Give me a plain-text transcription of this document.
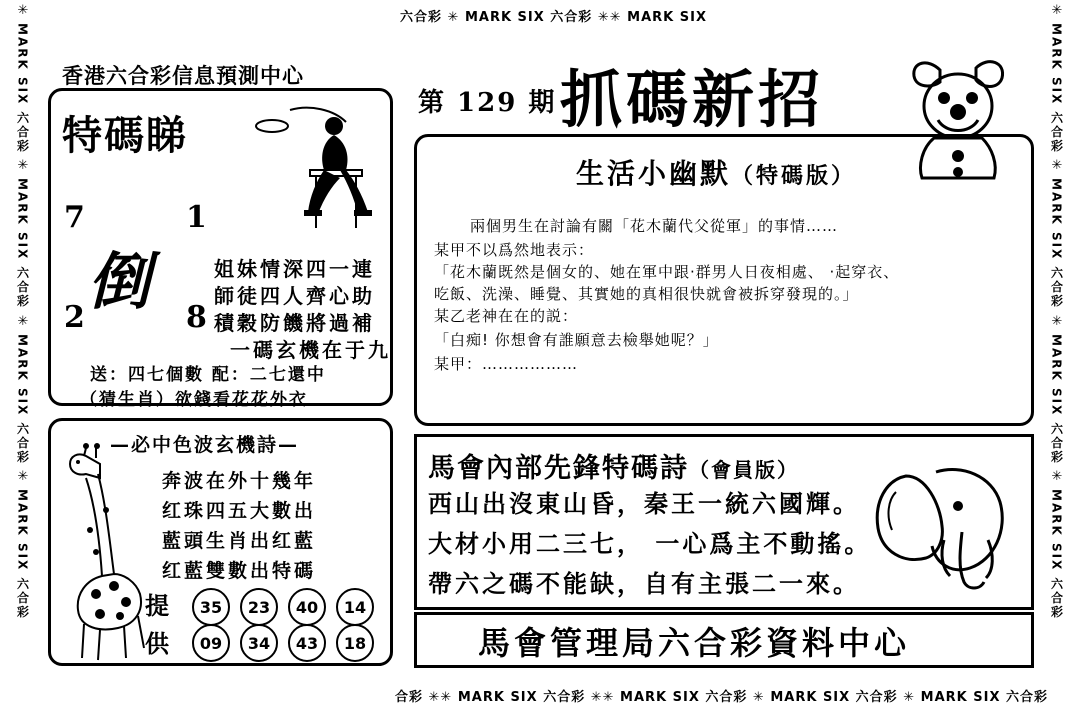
六合彩 ✳ MARK SIX 六合彩 ✳✳ MARK SIX
合彩 ✳✳ MARK SIX 六合彩 ✳✳ MARK SIX 六合彩 ✳ MARK SIX 六合彩 ✳ MARK SIX 六合彩
✳
MARK SIX 六合彩
✳
MARK SIX 六合彩
✳
MARK SIX 六合彩
✳
MARK SIX 六合彩
✳
MARK SIX 六合彩
✳
MARK SIX 六合彩
✳
MARK SIX 六合彩
✳
MARK SIX 六合彩
香港六合彩信息預測中心
特碼睇
7	1
2	8
倒	姐妹情深四一連
師徒四人齊心助
積穀防饑將過補
一碼玄機在于九
送：四七個數 配：二七還中
（猜生肖）欲錢看花花外衣
—必中色波玄機詩—
奔波在外十幾年
红珠四五大數出
藍頭生肖出红藍
红藍雙數出特碼
提
供
35	23	40	14
09	34	43	18
第 129 期 抓碼新招
生活小幽默（特碼版）
兩個男生在討論有關「花木蘭代父從軍」的事情……
某甲不以爲然地表示：
「花木蘭既然是個女的、她在軍中跟‧群男人日夜相處、 ‧起穿衣、
吃飯、洗澡、睡覺、其實她的真相很快就會被拆穿發現的。」
某乙老神在在的説：
「白痴! 你想會有誰願意去檢舉她呢？」
某甲：………………
馬會內部先鋒特碼詩（會員版）
西山出沒東山昏，秦王一統六國輝。
大材小用二三七， 一心爲主不動搖。
帶六之碼不能缺，自有主張二一來。
馬會管理局六合彩資料中心
